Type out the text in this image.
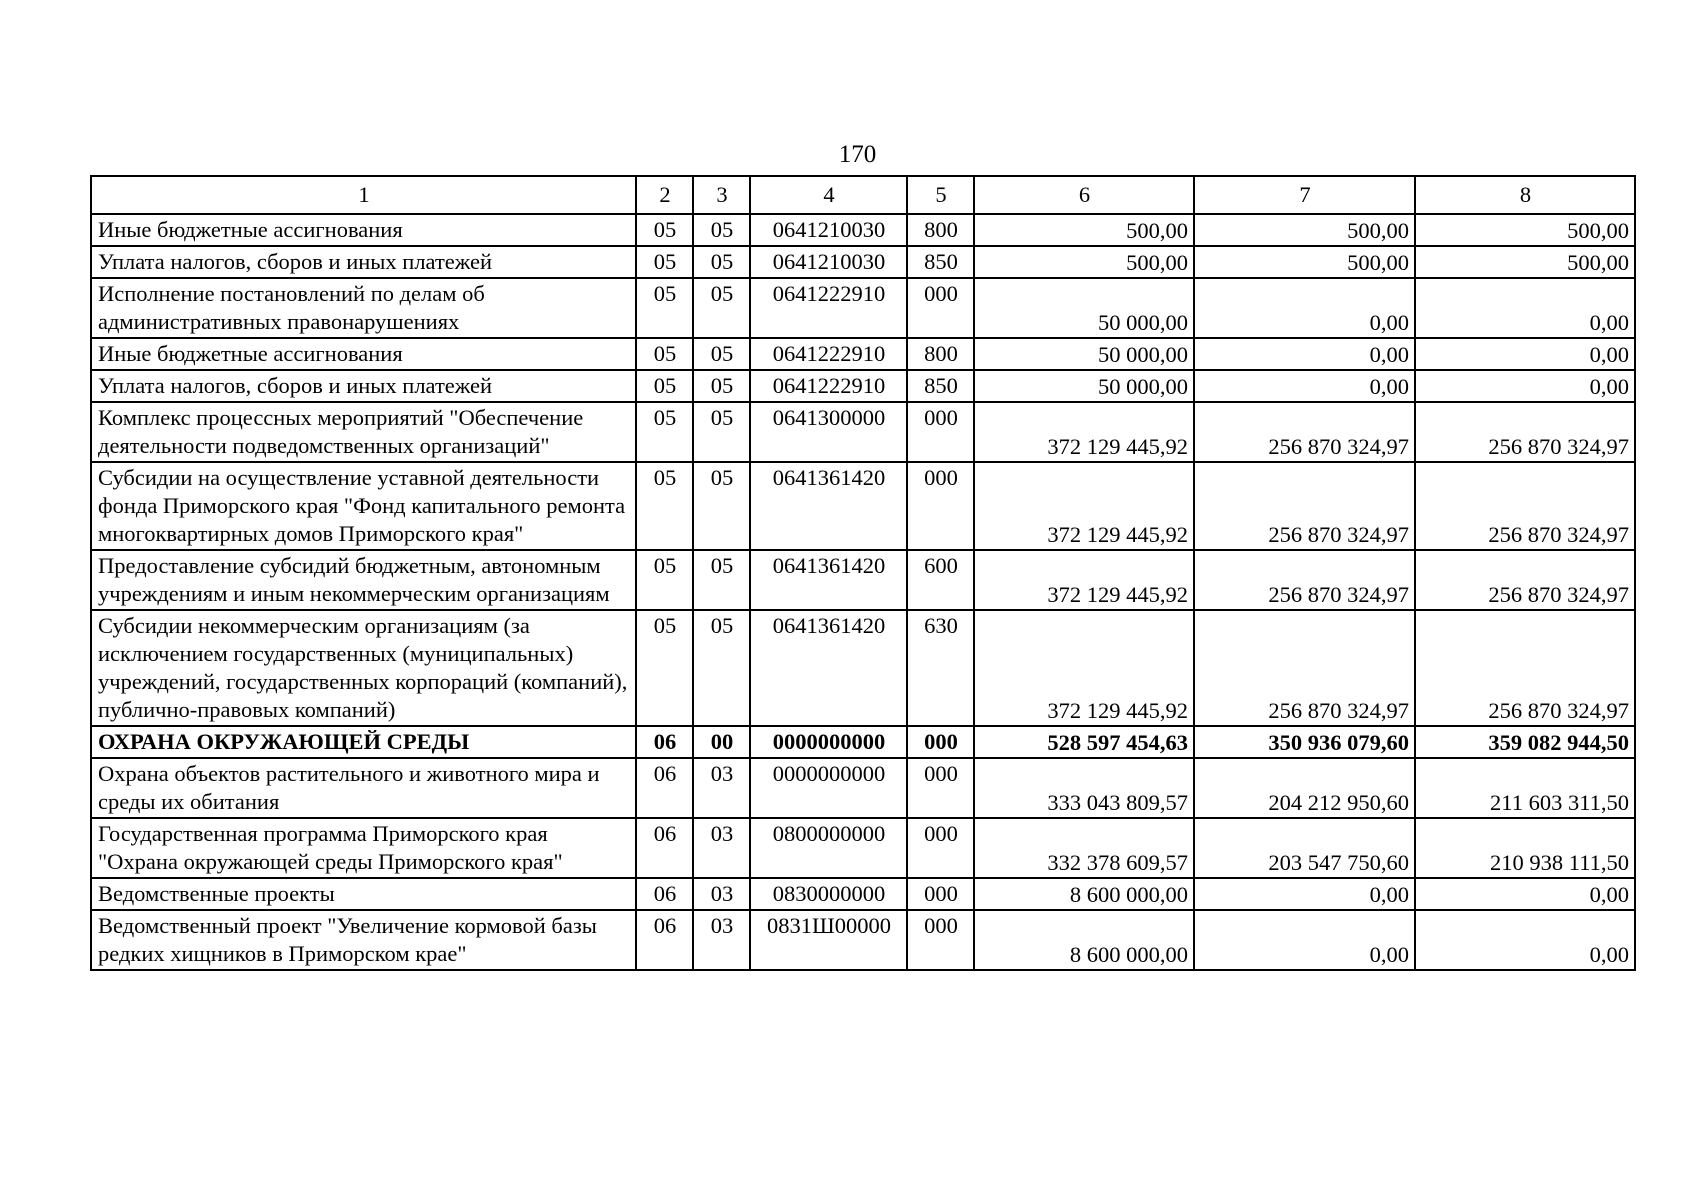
170
1	2	3	4	5	6	7	8
Иные бюджетные ассигнования	05	05	0641210030	800	500,00	500,00	500,00
Уплата налогов, сборов и иных платежей	05	05	0641210030	850	500,00	500,00	500,00
Исполнение постановлений по делам об административных правонарушениях	05	05	0641222910	000	50 000,00	0,00	0,00
Иные бюджетные ассигнования	05	05	0641222910	800	50 000,00	0,00	0,00
Уплата налогов, сборов и иных платежей	05	05	0641222910	850	50 000,00	0,00	0,00
Комплекс процессных мероприятий "Обеспечение деятельности подведомственных организаций"	05	05	0641300000	000	372 129 445,92	256 870 324,97	256 870 324,97
Субсидии на осуществление уставной деятельности фонда Приморского края "Фонд капитального ремонта многоквартирных домов Приморского края"	05	05	0641361420	000	372 129 445,92	256 870 324,97	256 870 324,97
Предоставление субсидий бюджетным, автономным учреждениям и иным некоммерческим организациям	05	05	0641361420	600	372 129 445,92	256 870 324,97	256 870 324,97
Субсидии некоммерческим организациям (за исключением государственных (муниципальных) учреждений, государственных корпораций (компаний), публично-правовых компаний)	05	05	0641361420	630	372 129 445,92	256 870 324,97	256 870 324,97
ОХРАНА ОКРУЖАЮЩЕЙ СРЕДЫ	06	00	0000000000	000	528 597 454,63	350 936 079,60	359 082 944,50
Охрана объектов растительного и животного мира и среды их обитания	06	03	0000000000	000	333 043 809,57	204 212 950,60	211 603 311,50
Государственная программа Приморского края "Охрана окружающей среды Приморского края"	06	03	0800000000	000	332 378 609,57	203 547 750,60	210 938 111,50
Ведомственные проекты	06	03	0830000000	000	8 600 000,00	0,00	0,00
Ведомственный проект "Увеличение кормовой базы редких хищников в Приморском крае"	06	03	0831Ш00000	000	8 600 000,00	0,00	0,00
